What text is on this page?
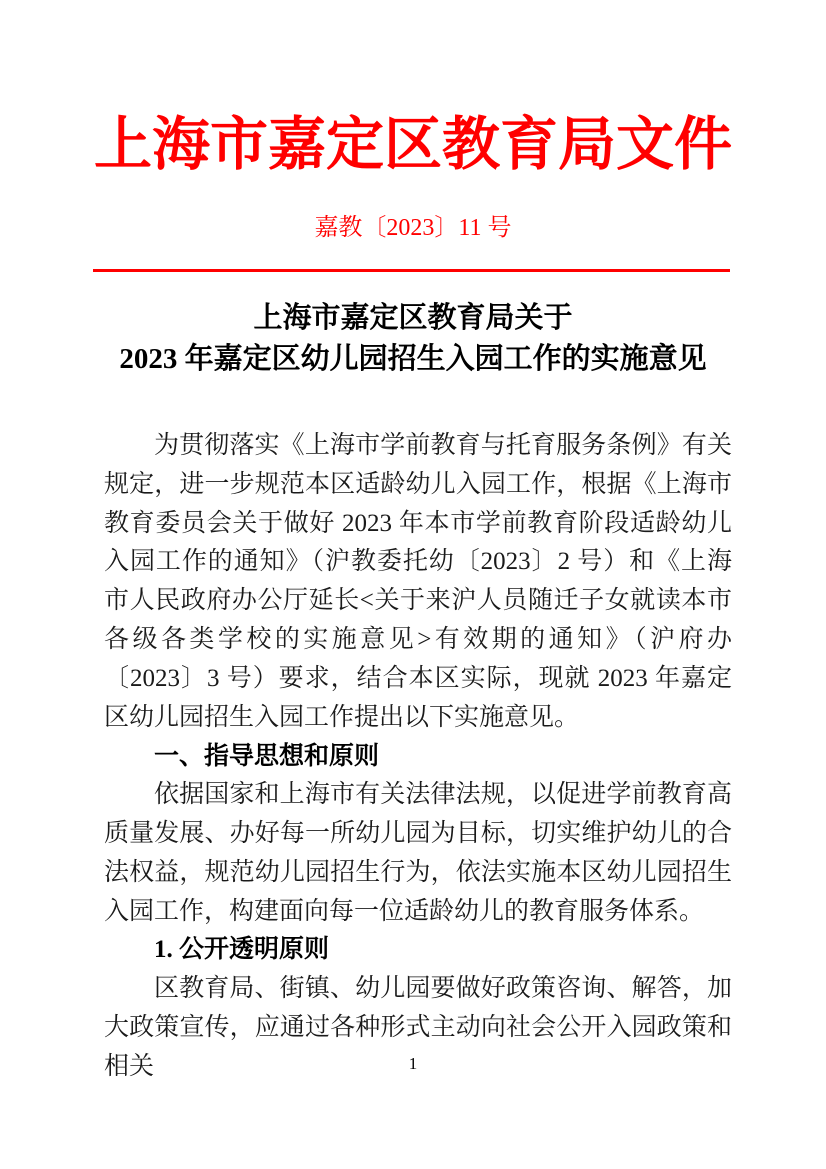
上海市嘉定区教育局文件
嘉教〔2023〕11 号
上海市嘉定区教育局关于
2023 年嘉定区幼儿园招生入园工作的实施意见

为贯彻落实《上海市学前教育与托育服务条例》有关规定，进一步规范本区适龄幼儿入园工作，根据《上海市教育委员会关于做好 2023 年本市学前教育阶段适龄幼儿入园工作的通知》（沪教委托幼〔2023〕2 号）和《上海市人民政府办公厅延长<关于来沪人员随迁子女就读本市各级各类学校的实施意见>有效期的通知》（沪府办〔2023〕3 号）要求，结合本区实际，现就 2023 年嘉定区幼儿园招生入园工作提出以下实施意见。

一、指导思想和原则

依据国家和上海市有关法律法规，以促进学前教育高质量发展、办好每一所幼儿园为目标，切实维护幼儿的合法权益，规范幼儿园招生行为，依法实施本区幼儿园招生入园工作，构建面向每一位适龄幼儿的教育服务体系。

1. 公开透明原则

区教育局、街镇、幼儿园要做好政策咨询、解答，加大政策宣传，应通过各种形式主动向社会公开入园政策和相关	1
